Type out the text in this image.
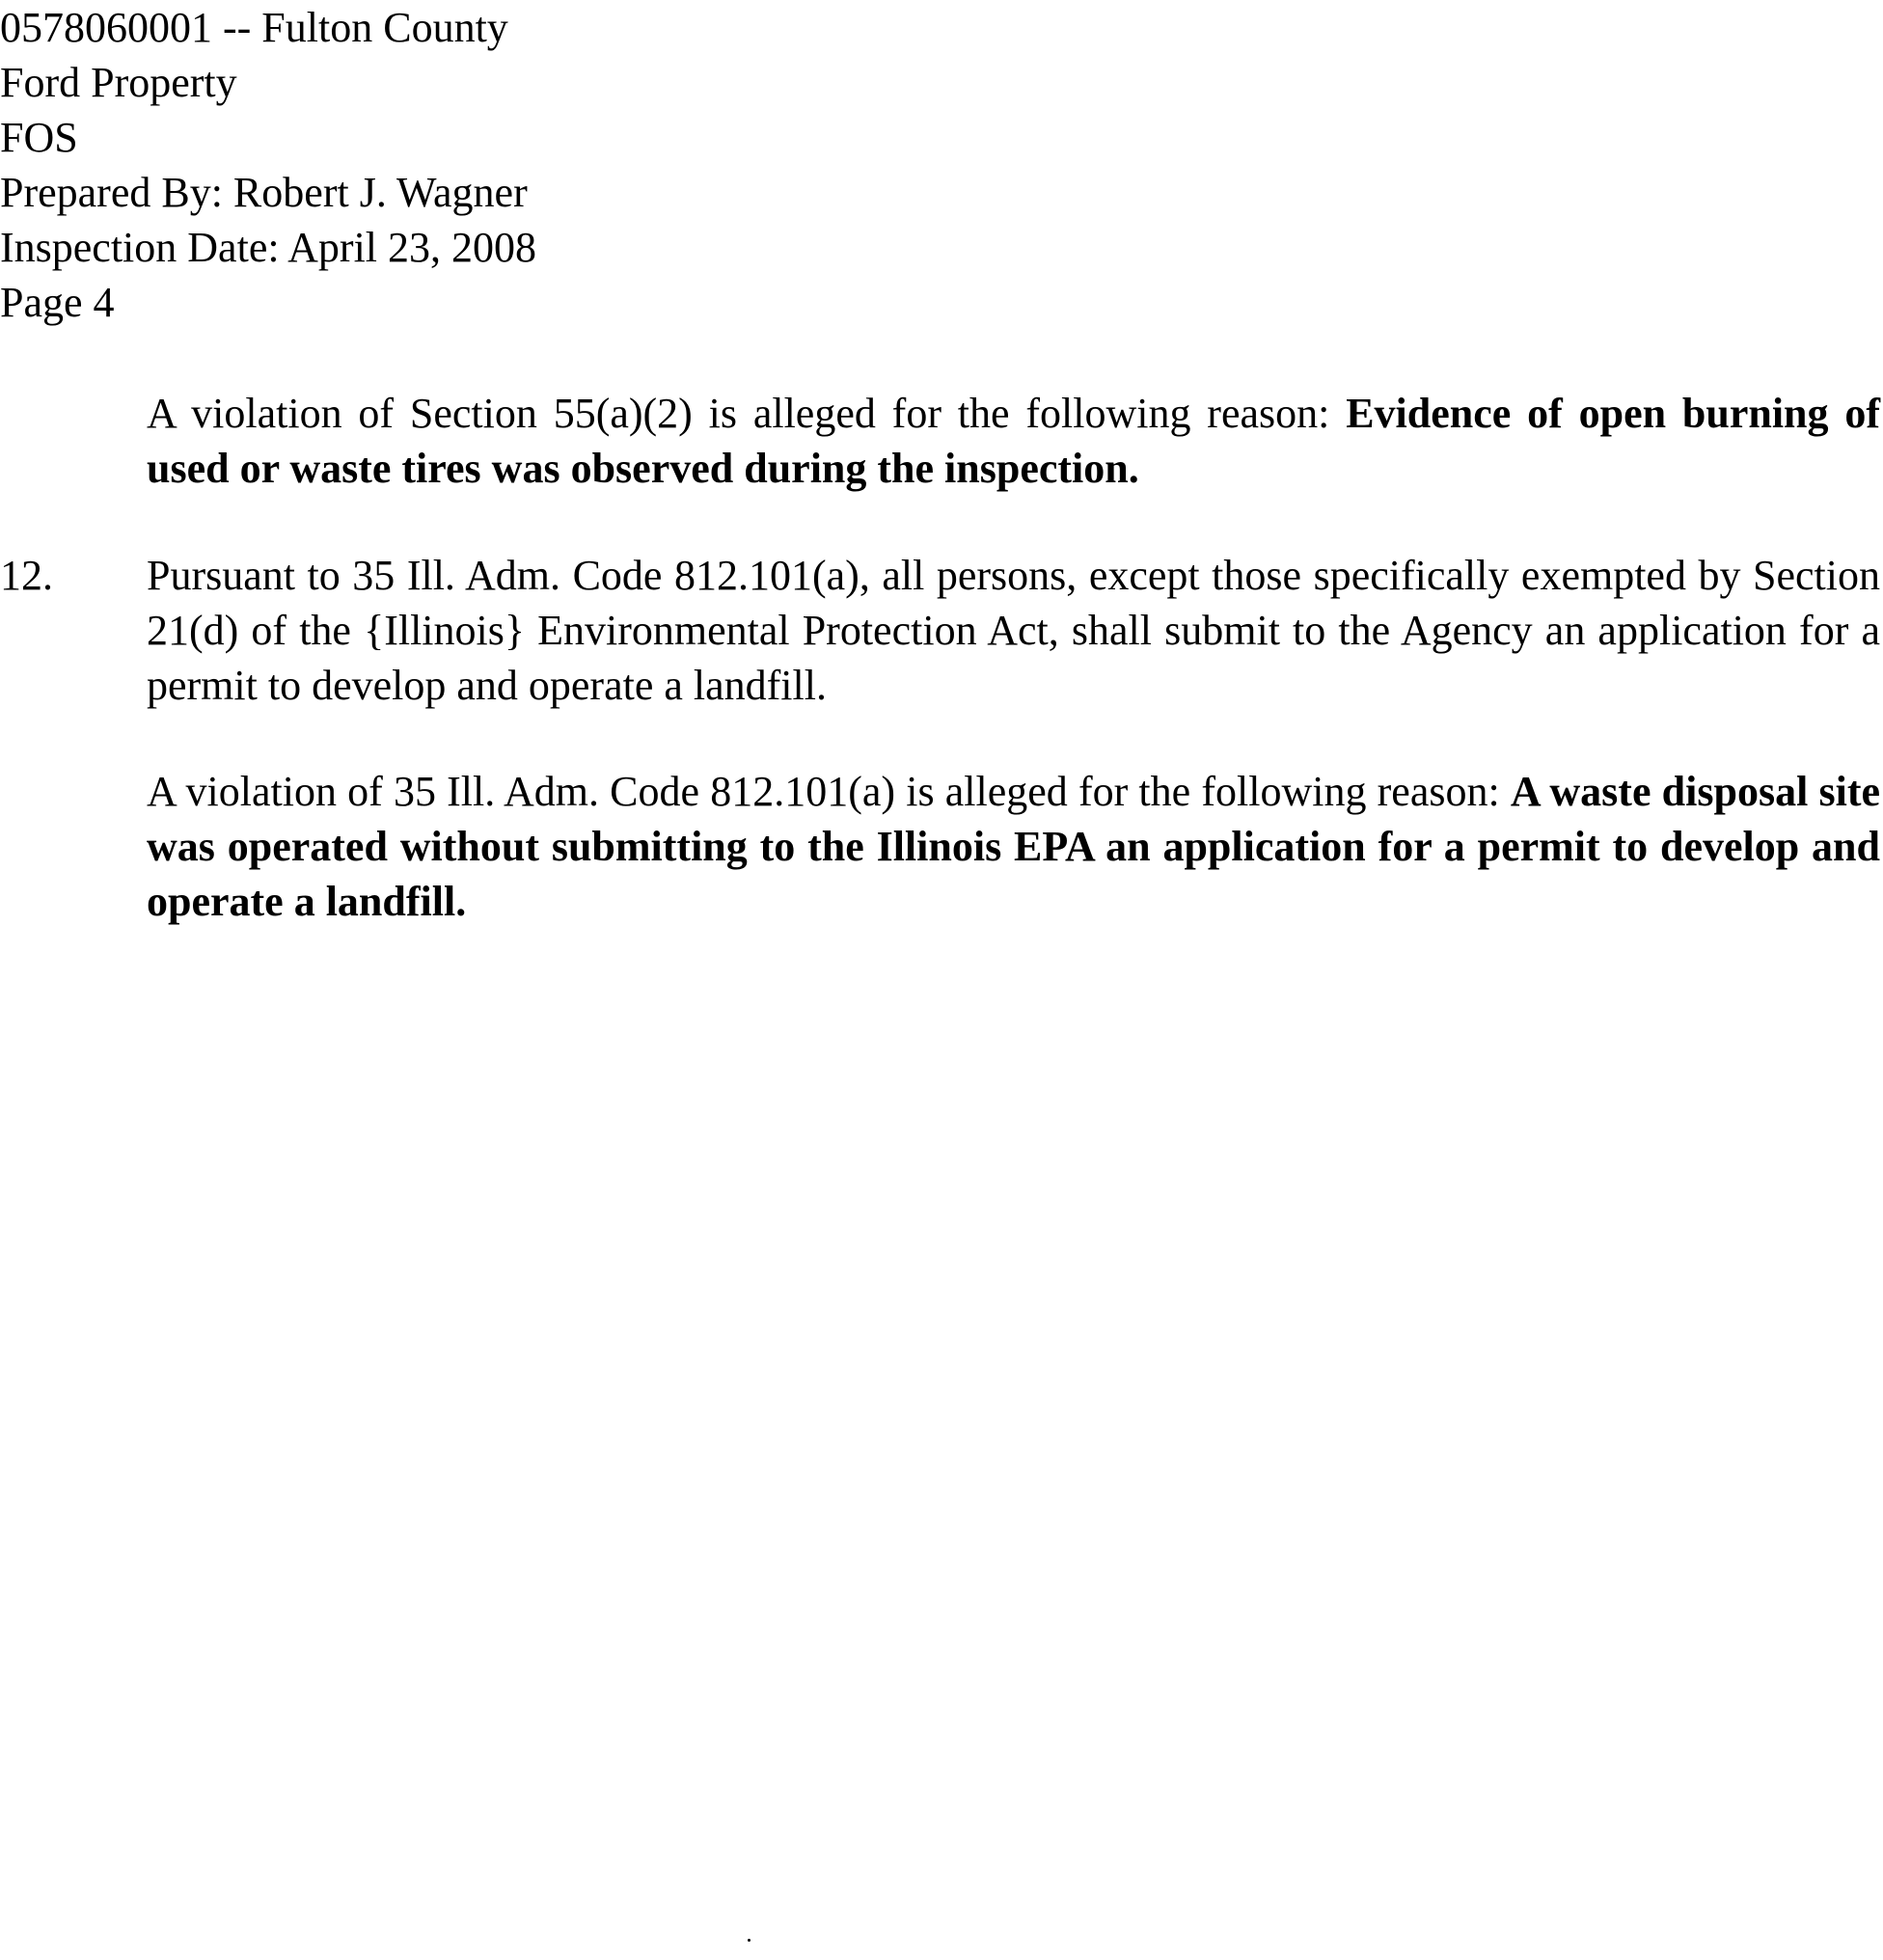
0578060001 -- Fulton County
Ford Property
FOS
Prepared By: Robert J. Wagner
Inspection Date: April 23, 2008
Page 4

A violation of Section 55(a)(2) is alleged for the following reason: Evidence of open burning of used or waste tires was observed during the inspection.

12. Pursuant to 35 Ill. Adm. Code 812.101(a), all persons, except those specifically exempted by Section 21(d) of the {Illinois} Environmental Protection Act, shall submit to the Agency an application for a permit to develop and operate a landfill.

A violation of 35 Ill. Adm. Code 812.101(a) is alleged for the following reason: A waste disposal site was operated without submitting to the Illinois EPA an application for a permit to develop and operate a landfill.
